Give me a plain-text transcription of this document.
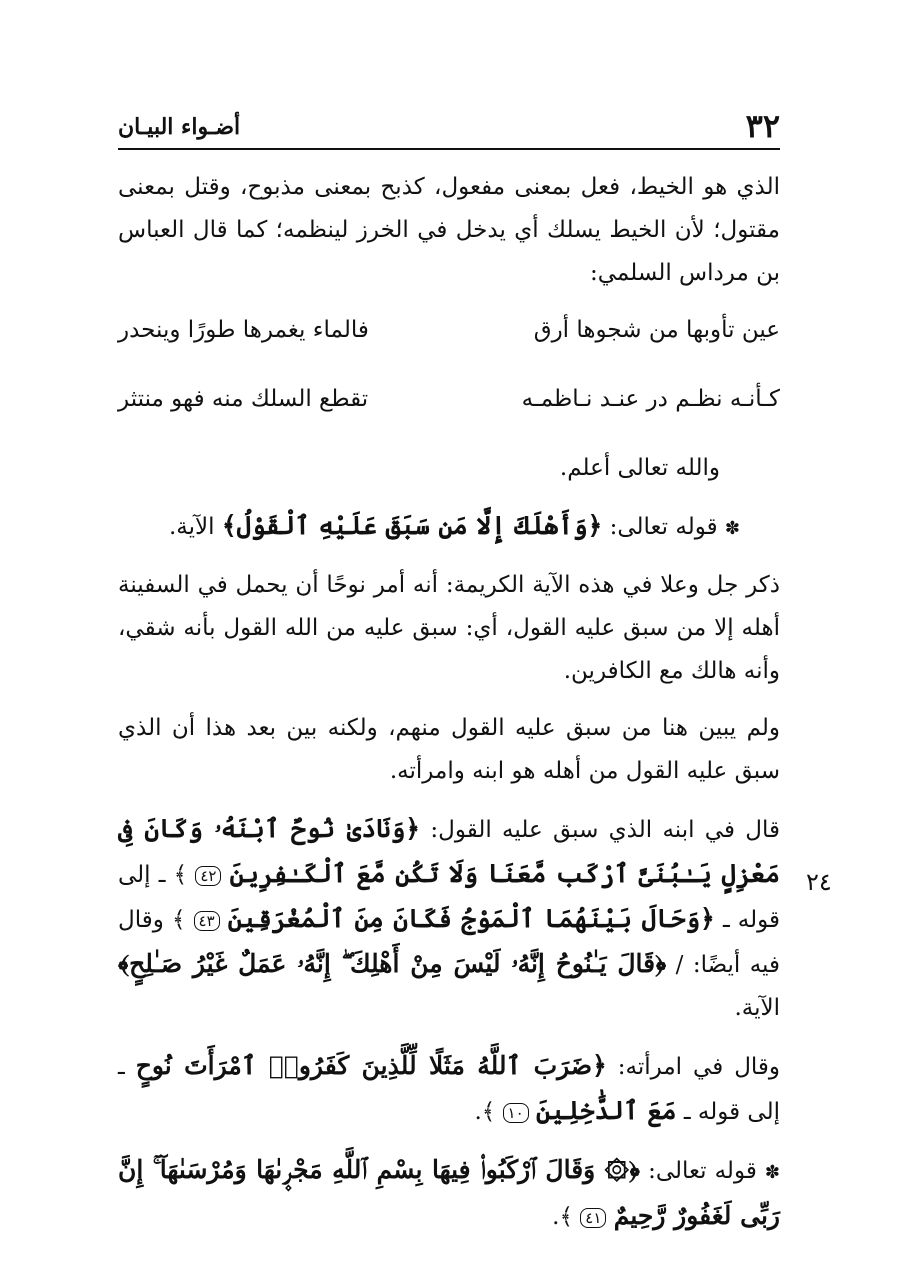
٣٢
أضـواء البيـان
٢٤

الذي هو الخيط، فعل بمعنى مفعول، كذبح بمعنى مذبوح، وقتل بمعنى مقتول؛ لأن الخيط يسلك أي يدخل في الخرز لينظمه؛ كما قال العباس بن مرداس السلمي:

عين تأوبها من شجوها أرق
فالماء يغمرها طورًا وينحدر
كـأنـه نظـم در عنـد نـاظمـه
تقطع السلك منه فهو منتثر

والله تعالى أعلم.

✽ قوله تعالى: ﴿وَأَهْلَكَ إِلَّا مَن سَبَقَ عَلَيْهِ ٱلْقَوْلُ﴾ الآية.

ذكر جل وعلا في هذه الآية الكريمة: أنه أمر نوحًا أن يحمل في السفينة أهله إلا من سبق عليه القول، أي: سبق عليه من الله القول بأنه شقي، وأنه هالك مع الكافرين.

ولم يبين هنا من سبق عليه القول منهم، ولكنه بين بعد هذا أن الذي سبق عليه القول من أهله هو ابنه وامرأته.

قال في ابنه الذي سبق عليه القول: ﴿وَنَادَىٰ نُوحٌ ٱبْنَهُۥ وَكَانَ فِى مَعْزِلٍ يَـٰبُنَىَّ ٱرْكَب مَّعَنَا وَلَا تَكُن مَّعَ ٱلْكَـٰفِرِينَ ٤٢ ﴾ ـ إلى قوله ـ ﴿وَحَالَ بَيْنَهُمَا ٱلْمَوْجُ فَكَانَ مِنَ ٱلْمُغْرَقِينَ ٤٣ ﴾ وقال فيه أيضًا: / ﴿قَالَ يَـٰنُوحُ إِنَّهُۥ لَيْسَ مِنْ أَهْلِكَ ۖ إِنَّهُۥ عَمَلٌ غَيْرُ صَـٰلِحٍ﴾ الآية.

وقال في امرأته: ﴿ضَرَبَ ٱللَّهُ مَثَلًا لِّلَّذِينَ كَفَرُوا۟ ٱمْرَأَتَ نُوحٍ ـ إلى قوله ـ مَعَ ٱلدَّٰخِلِينَ ١٠ ﴾.

✽ قوله تعالى: ﴿۞ وَقَالَ ٱرْكَبُوا۟ فِيهَا بِسْمِ ٱللَّهِ مَجْر۪ىٰهَا وَمُرْسَىٰهَآ ۚ إِنَّ رَبِّى لَغَفُورٌ رَّحِيمٌ ٤١ ﴾.
